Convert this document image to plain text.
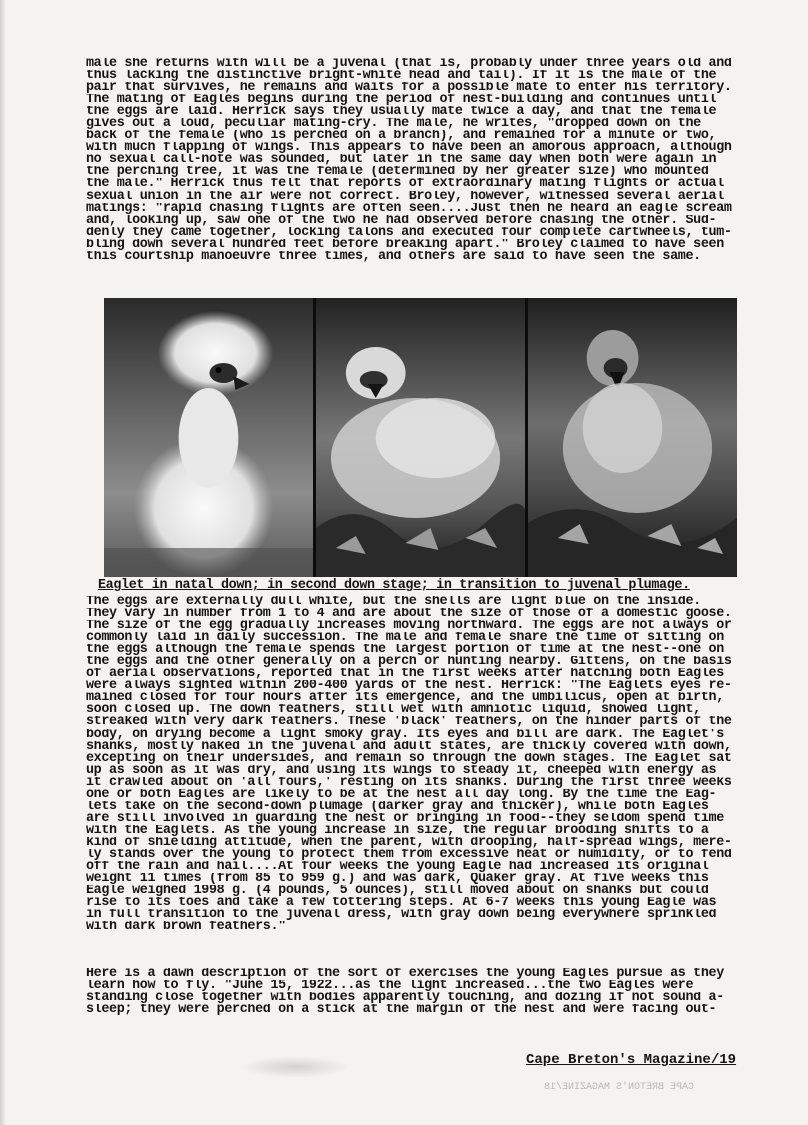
male she returns with will be a juvenal (that is, probably under three years old and
thus lacking the distinctive bright-white head and tail). If it is the male of the
pair that survives, he remains and waits for a possible mate to enter his territory.
The mating of Eagles begins during the period of nest-building and continues until
the eggs are laid. Herrick says they usually mate twice a day, and that the female
gives out a loud, peculiar mating-cry. The male, he writes, "dropped down on the
back of the female (who is perched on a branch), and remained for a minute or two,
with much flapping of wings. This appears to have been an amorous approach, although
no sexual call-note was sounded, but later in the same day when both were again in
the perching tree, it was the female (determined by her greater size) who mounted
the male." Herrick thus felt that reports of extraordinary mating flights or actual
sexual union in the air were not correct. Broley, however, witnessed several aerial
matings: "rapid chasing flights are often seen....Just then he heard an eagle scream
and, looking up, saw one of the two he had observed before chasing the other. Sud-
denly they came together, locking talons and executed four complete cartwheels, tum-
bling down several hundred feet before breaking apart." Broley claimed to have seen
this courtship manoeuvre three times, and others are said to have seen the same.
Eaglet in natal down; in second down stage; in transition to juvenal plumage.
The eggs are externally dull white, but the shells are light blue on the inside.
They vary in number from 1 to 4 and are about the size of those of a domestic goose.
The size of the egg gradually increases moving northward. The eggs are not always or
commonly laid in daily succession. The male and female share the time of sitting on
the eggs although the female spends the largest portion of time at the nest--one on
the eggs and the other generally on a perch or hunting nearby. Gittens, on the basis
of aerial observations, reported that in the first weeks after hatching both Eagles
were always sighted within 200-400 yards of the nest. Herrick: "The Eaglets eyes re-
mained closed for four hours after its emergence, and the umbilicus, open at birth,
soon closed up. The down feathers, still wet with amniotic liquid, showed light,
streaked with very dark feathers. These 'black' feathers, on the hinder parts of the
body, on drying become a light smoky gray. Its eyes and bill are dark. The Eaglet's
shanks, mostly naked in the juvenal and adult states, are thickly covered with down,
excepting on their undersides, and remain so through the down stages. The Eaglet sat
up as soon as it was dry, and using its wings to steady it, cheeped with energy as
it crawled about on 'all fours,' resting on its shanks. During the first three weeks
one or both Eagles are likely to be at the nest all day long. By the time the Eag-
lets take on the second-down plumage (darker gray and thicker), while both Eagles
are still involved in guarding the nest or bringing in food--they seldom spend time
with the Eaglets. As the young increase in size, the regular brooding shifts to a
kind of shielding attitude, when the parent, with drooping, half-spread wings, mere-
ly stands over the young to protect them from excessive heat or humidity, or to fend
off the rain and hail....At four weeks the young Eagle had increased its original
weight 11 times (from 85 to 959 g.) and was dark, Quaker gray. At five weeks this
Eagle weighed 1998 g. (4 pounds, 5 ounces), still moved about on shanks but could
rise to its toes and take a few tottering steps. At 6-7 weeks this young Eagle was
in full transition to the juvenal dress, with gray down being everywhere sprinkled
with dark brown feathers."
Here is a dawn description of the sort of exercises the young Eagles pursue as they
learn how to fly. "June 15, 1922...as the light increased...the two Eagles were
standing close together with bodies apparently touching, and dozing if not sound a-
sleep; they were perched on a stick at the margin of the nest and were facing out-
Cape Breton's Magazine/19
CAPE BRETON'S MAGAZINE/18
